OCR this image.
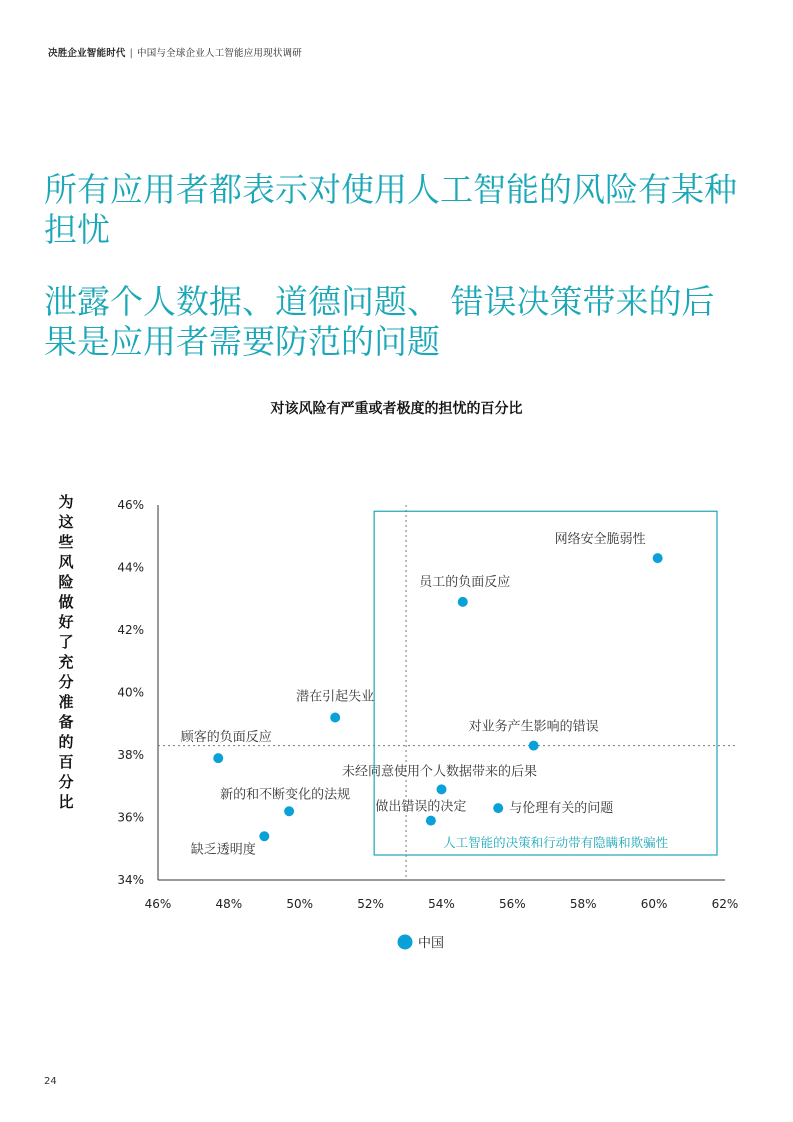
决胜企业智能时代 | 中国与全球企业人工智能应用现状调研
所有应用者都表示对使用人工智能的风险有某种担忧
泄露个人数据、道德问题、 错误决策带来的后果是应用者需要防范的问题
对该风险有严重或者极度的担忧的百分比
为这些风险做好了充分准备的百分比
人工智能的决策和行动带有隐瞒和欺骗性
46%	48%	50%	52%	54%	56%	58%	60%	62%
34%
36%
38%
40%
42%
44%
46%
网络安全脆弱性
员工的负面反应
潜在引起失业
对业务产生影响的错误
顾客的负面反应
未经同意使用个人数据带来的后果
新的和不断变化的法规
与伦理有关的问题
做出错误的决定
缺乏透明度
中国
24
